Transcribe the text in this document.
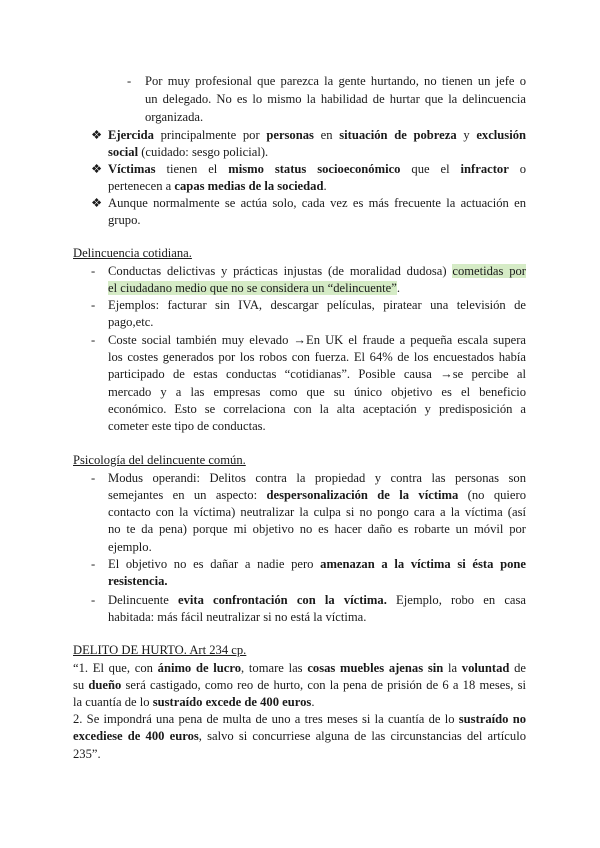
- Por muy profesional que parezca la gente hurtando, no tienen un jefe o
un delegado. No es lo mismo la habilidad de hurtar que la delincuencia
organizada.
❖ Ejercida principalmente por personas en situación de pobreza y exclusión
social (cuidado: sesgo policial).
❖ Víctimas tienen el mismo status socioeconómico que el infractor o
pertenecen a capas medias de la sociedad.
❖ Aunque normalmente se actúa solo, cada vez es más frecuente la actuación en
grupo.
Delincuencia cotidiana.
- Conductas delictivas y prácticas injustas (de moralidad dudosa) cometidas por
el ciudadano medio que no se considera un “delincuente”.
- Ejemplos: facturar sin IVA, descargar películas, piratear una televisión de
pago,etc.
- Coste social también muy elevado →En UK el fraude a pequeña escala supera
los costes generados por los robos con fuerza. El 64% de los encuestados había
participado de estas conductas “cotidianas”. Posible causa →se percibe al
mercado y a las empresas como que su único objetivo es el beneficio
económico. Esto se correlaciona con la alta aceptación y predisposición a
cometer este tipo de conductas.
Psicología del delincuente común.
- Modus operandi: Delitos contra la propiedad y contra las personas son
semejantes en un aspecto: despersonalización de la víctima (no quiero
contacto con la víctima) neutralizar la culpa si no pongo cara a la víctima (así
no te da pena) porque mi objetivo no es hacer daño es robarte un móvil por
ejemplo.
- El objetivo no es dañar a nadie pero amenazan a la víctima si ésta pone
resistencia.
- Delincuente evita confrontación con la víctima. Ejemplo, robo en casa
habitada: más fácil neutralizar si no está la víctima.
DELITO DE HURTO. Art 234 cp.
“1. El que, con ánimo de lucro, tomare las cosas muebles ajenas sin la voluntad de
su dueño será castigado, como reo de hurto, con la pena de prisión de 6 a 18 meses, si
la cuantía de lo sustraído excede de 400 euros.
2. Se impondrá una pena de multa de uno a tres meses si la cuantía de lo sustraído no
excediese de 400 euros, salvo si concurriese alguna de las circunstancias del artículo
235”.
